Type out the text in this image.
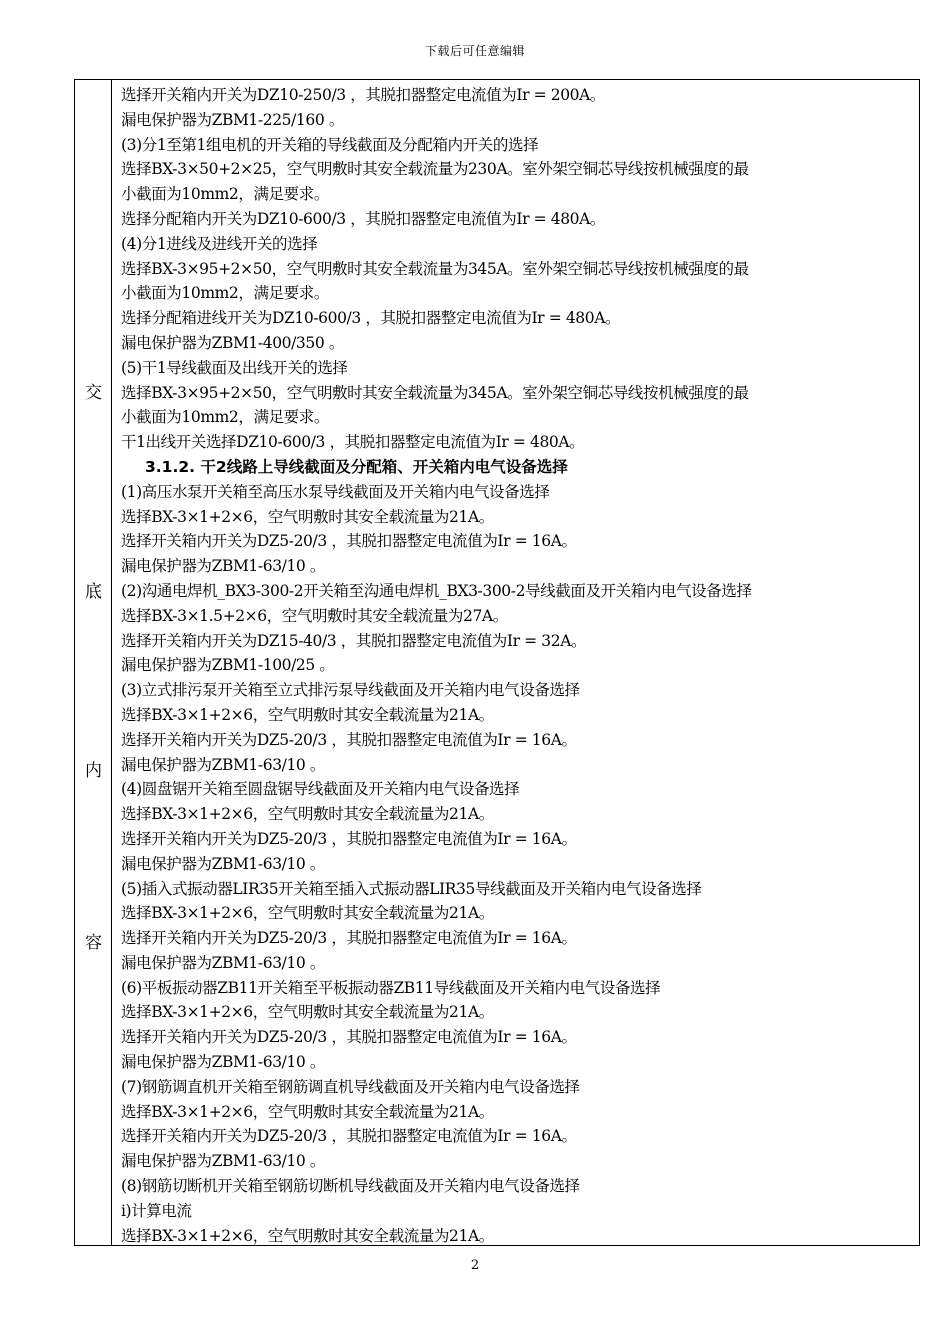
下载后可任意编辑
交
底
内
容
选择开关箱内开关为DZ10-250/3 ，其脱扣器整定电流值为Ir = 200A。
漏电保护器为ZBM1-225/160 。
(3)分1至第1组电机的开关箱的导线截面及分配箱内开关的选择
选择BX-3×50+2×25，空气明敷时其安全载流量为230A。室外架空铜芯导线按机械强度的最
小截面为10mm2，满足要求。
选择分配箱内开关为DZ10-600/3 ，其脱扣器整定电流值为Ir = 480A。
(4)分1进线及进线开关的选择
选择BX-3×95+2×50，空气明敷时其安全载流量为345A。室外架空铜芯导线按机械强度的最
小截面为10mm2，满足要求。
选择分配箱进线开关为DZ10-600/3 ，其脱扣器整定电流值为Ir = 480A。
漏电保护器为ZBM1-400/350 。
(5)干1导线截面及出线开关的选择
选择BX-3×95+2×50，空气明敷时其安全载流量为345A。室外架空铜芯导线按机械强度的最
小截面为10mm2，满足要求。
干1出线开关选择DZ10-600/3 ，其脱扣器整定电流值为Ir = 480A。
3.1.2. 干2线路上导线截面及分配箱、开关箱内电气设备选择
(1)高压水泵开关箱至高压水泵导线截面及开关箱内电气设备选择
选择BX-3×1+2×6，空气明敷时其安全载流量为21A。
选择开关箱内开关为DZ5-20/3 ，其脱扣器整定电流值为Ir = 16A。
漏电保护器为ZBM1-63/10 。
(2)沟通电焊机_BX3-300-2开关箱至沟通电焊机_BX3-300-2导线截面及开关箱内电气设备选择
选择BX-3×1.5+2×6，空气明敷时其安全载流量为27A。
选择开关箱内开关为DZ15-40/3 ，其脱扣器整定电流值为Ir = 32A。
漏电保护器为ZBM1-100/25 。
(3)立式排污泵开关箱至立式排污泵导线截面及开关箱内电气设备选择
选择BX-3×1+2×6，空气明敷时其安全载流量为21A。
选择开关箱内开关为DZ5-20/3 ，其脱扣器整定电流值为Ir = 16A。
漏电保护器为ZBM1-63/10 。
(4)圆盘锯开关箱至圆盘锯导线截面及开关箱内电气设备选择
选择BX-3×1+2×6，空气明敷时其安全载流量为21A。
选择开关箱内开关为DZ5-20/3 ，其脱扣器整定电流值为Ir = 16A。
漏电保护器为ZBM1-63/10 。
(5)插入式振动器LIR35开关箱至插入式振动器LIR35导线截面及开关箱内电气设备选择
选择BX-3×1+2×6，空气明敷时其安全载流量为21A。
选择开关箱内开关为DZ5-20/3 ，其脱扣器整定电流值为Ir = 16A。
漏电保护器为ZBM1-63/10 。
(6)平板振动器ZB11开关箱至平板振动器ZB11导线截面及开关箱内电气设备选择
选择BX-3×1+2×6，空气明敷时其安全载流量为21A。
选择开关箱内开关为DZ5-20/3 ，其脱扣器整定电流值为Ir = 16A。
漏电保护器为ZBM1-63/10 。
(7)钢筋调直机开关箱至钢筋调直机导线截面及开关箱内电气设备选择
选择BX-3×1+2×6，空气明敷时其安全载流量为21A。
选择开关箱内开关为DZ5-20/3 ，其脱扣器整定电流值为Ir = 16A。
漏电保护器为ZBM1-63/10 。
(8)钢筋切断机开关箱至钢筋切断机导线截面及开关箱内电气设备选择
i)计算电流
选择BX-3×1+2×6，空气明敷时其安全载流量为21A。
2
